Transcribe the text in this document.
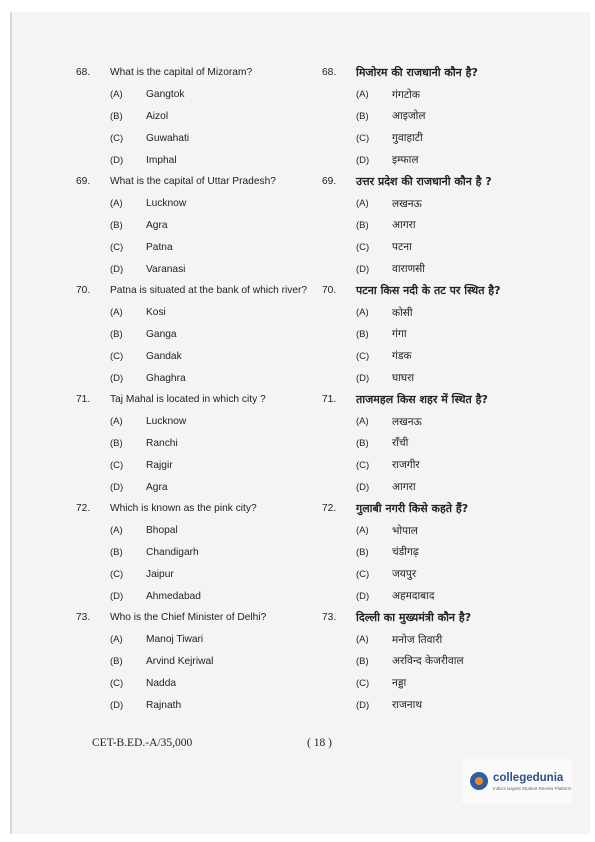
68.	What is the capital of Mizoram?
(A)	Gangtok
(B)	Aizol
(C)	Guwahati
(D)	Imphal
69.	What is the capital of Uttar Pradesh?
(A)	Lucknow
(B)	Agra
(C)	Patna
(D)	Varanasi
70.	Patna is situated at the bank of which river?
(A)	Kosi
(B)	Ganga
(C)	Gandak
(D)	Ghaghra
71.	Taj Mahal is located in which city ?
(A)	Lucknow
(B)	Ranchi
(C)	Rajgir
(D)	Agra
72.	Which is known as the pink city?
(A)	Bhopal
(B)	Chandigarh
(C)	Jaipur
(D)	Ahmedabad
73.	Who is the Chief Minister of Delhi?
(A)	Manoj Tiwari
(B)	Arvind Kejriwal
(C)	Nadda
(D)	Rajnath
68.	मिजोरम की राजधानी कौन है?
(A)	गंगटोक
(B)	आइजोल
(C)	गुवाहाटी
(D)	इम्फाल
69.	उत्तर प्रदेश की राजधानी कौन है ?
(A)	लखनऊ
(B)	आगरा
(C)	पटना
(D)	वाराणसी
70.	पटना किस नदी के तट पर स्थित है?
(A)	कोसी
(B)	गंगा
(C)	गंडक
(D)	घाघरा
71.	ताजमहल किस शहर में स्थित है?
(A)	लखनऊ
(B)	राँची
(C)	राजगीर
(D)	आगरा
72.	गुलाबी नगरी किसे कहते हैं?
(A)	भोपाल
(B)	चंडीगढ़
(C)	जयपुर
(D)	अहमदाबाद
73.	दिल्ली का मुख्यमंत्री कौन है?
(A)	मनोज तिवारी
(B)	अरविन्द केजरीवाल
(C)	नड्डा
(D)	राजनाथ
CET-B.ED.-A/35,000	( 18 )
collegedunia
India's largest Student Review Platform
